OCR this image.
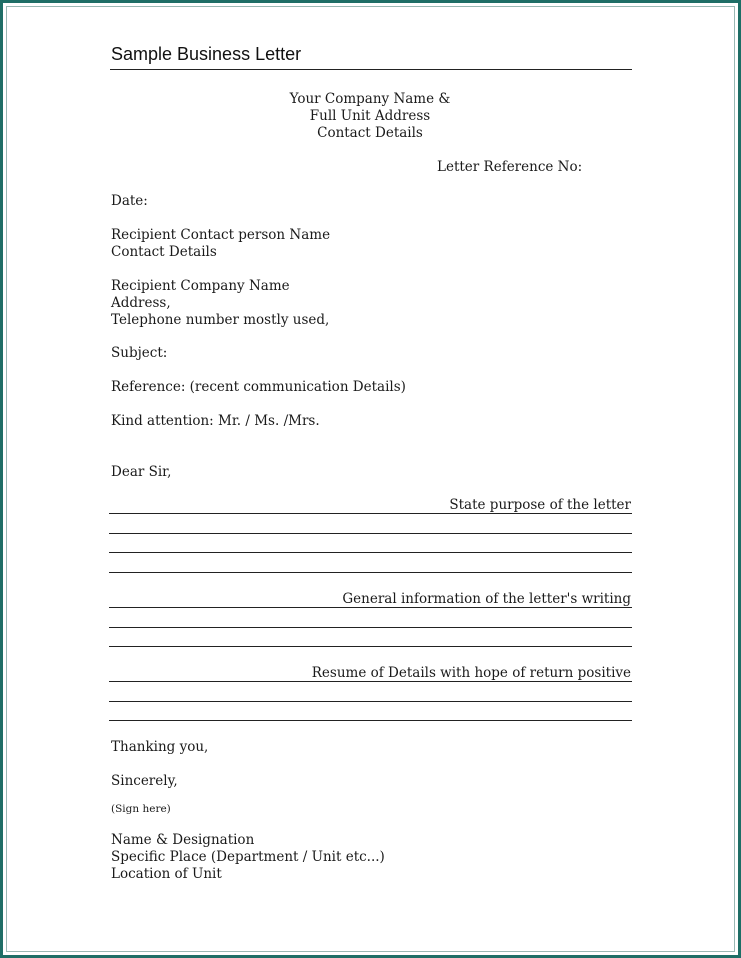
Sample Business Letter
Your Company Name &
Full Unit Address
Contact Details
Letter Reference No:
Date:
Recipient Contact person Name
Contact Details
Recipient Company Name
Address,
Telephone number mostly used,
Subject:
Reference: (recent communication Details)
Kind attention: Mr. / Ms. /Mrs.
Dear Sir,
State purpose of the letter
General information of the letter's writing
Resume of Details with hope of return positive
Thanking you,
Sincerely,
(Sign here)
Name & Designation
Specific Place (Department / Unit etc...)
Location of Unit
